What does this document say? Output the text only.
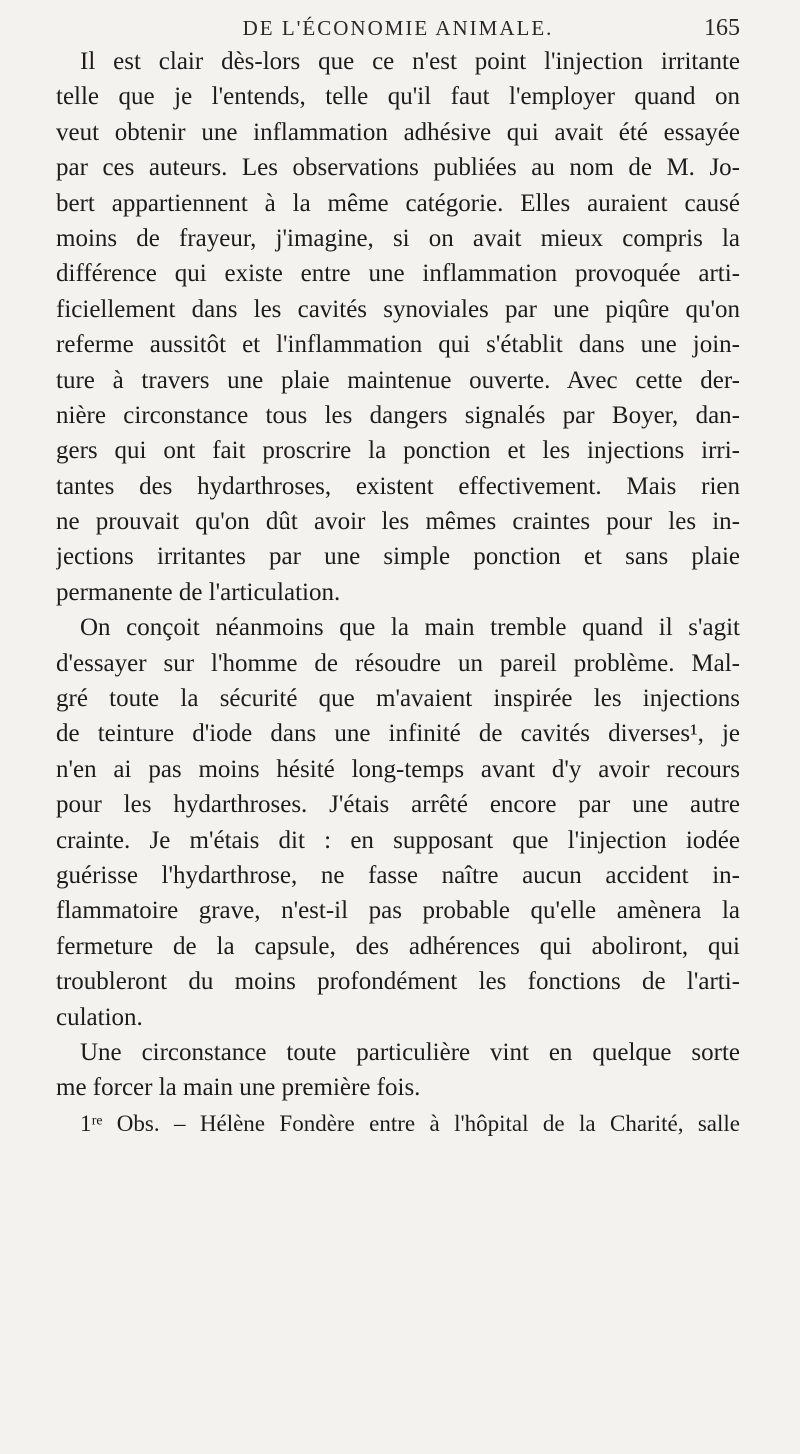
DE L'ÉCONOMIE ANIMALE.	165
Il est clair dès-lors que ce n'est point l'injection irritante
telle que je l'entends, telle qu'il faut l'employer quand on
veut obtenir une inflammation adhésive qui avait été essayée
par ces auteurs. Les observations publiées au nom de M. Jo-
bert appartiennent à la même catégorie. Elles auraient causé
moins de frayeur, j'imagine, si on avait mieux compris la
différence qui existe entre une inflammation provoquée arti-
ficiellement dans les cavités synoviales par une piqûre qu'on
referme aussitôt et l'inflammation qui s'établit dans une join-
ture à travers une plaie maintenue ouverte. Avec cette der-
nière circonstance tous les dangers signalés par Boyer, dan-
gers qui ont fait proscrire la ponction et les injections irri-
tantes des hydarthroses, existent effectivement. Mais rien
ne prouvait qu'on dût avoir les mêmes craintes pour les in-
jections irritantes par une simple ponction et sans plaie
permanente de l'articulation.
On conçoit néanmoins que la main tremble quand il s'agit
d'essayer sur l'homme de résoudre un pareil problème. Mal-
gré toute la sécurité que m'avaient inspirée les injections
de teinture d'iode dans une infinité de cavités diverses¹, je
n'en ai pas moins hésité long-temps avant d'y avoir recours
pour les hydarthroses. J'étais arrêté encore par une autre
crainte. Je m'étais dit : en supposant que l'injection iodée
guérisse l'hydarthrose, ne fasse naître aucun accident in-
flammatoire grave, n'est-il pas probable qu'elle amènera la
fermeture de la capsule, des adhérences qui aboliront, qui
troubleront du moins profondément les fonctions de l'arti-
culation.
Une circonstance toute particulière vint en quelque sorte
me forcer la main une première fois.
1ʳᵉ Obs. – Hélène Fondère entre à l'hôpital de la Charité, salle
